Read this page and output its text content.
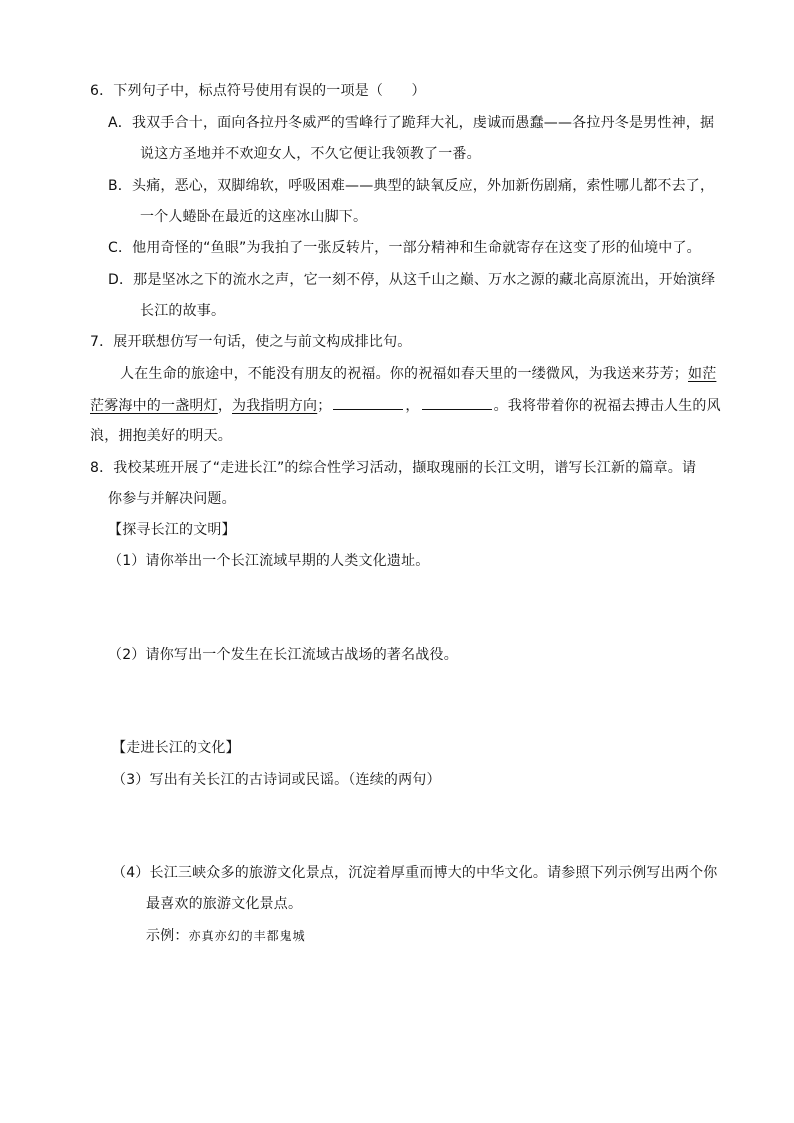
6．下列句子中，标点符号使用有误的一项是（　　）
A．我双手合十，面向各拉丹冬威严的雪峰行了跪拜大礼，虔诚而愚蠢——各拉丹冬是男性神，据
说这方圣地并不欢迎女人，不久它便让我领教了一番。
B．头痛，恶心，双脚绵软，呼吸困难——典型的缺氧反应，外加新伤剧痛，索性哪儿都不去了，
一个人蜷卧在最近的这座冰山脚下。
C．他用奇怪的“鱼眼”为我拍了一张反转片，一部分精神和生命就寄存在这变了形的仙境中了。
D．那是坚冰之下的流水之声，它一刻不停，从这千山之巅、万水之源的藏北高原流出，开始演绎
长江的故事。
7．展开联想仿写一句话，使之与前文构成排比句。
人在生命的旅途中，不能没有朋友的祝福。你的祝福如春天里的一缕微风，为我送来芬芳；如茫
茫雾海中的一盏明灯，为我指明方向；	，	。我将带着你的祝福去搏击人生的风
浪，拥抱美好的明天。
8．我校某班开展了“走进长江”的综合性学习活动，撷取瑰丽的长江文明，谱写长江新的篇章。请
你参与并解决问题。
【探寻长江的文明】
（1）请你举出一个长江流域早期的人类文化遗址。
（2）请你写出一个发生在长江流域古战场的著名战役。
【走进长江的文化】
（3）写出有关长江的古诗词或民谣。（连续的两句）
（4）长江三峡众多的旅游文化景点，沉淀着厚重而博大的中华文化。请参照下列示例写出两个你
最喜欢的旅游文化景点。
示例：亦真亦幻的丰都鬼城
